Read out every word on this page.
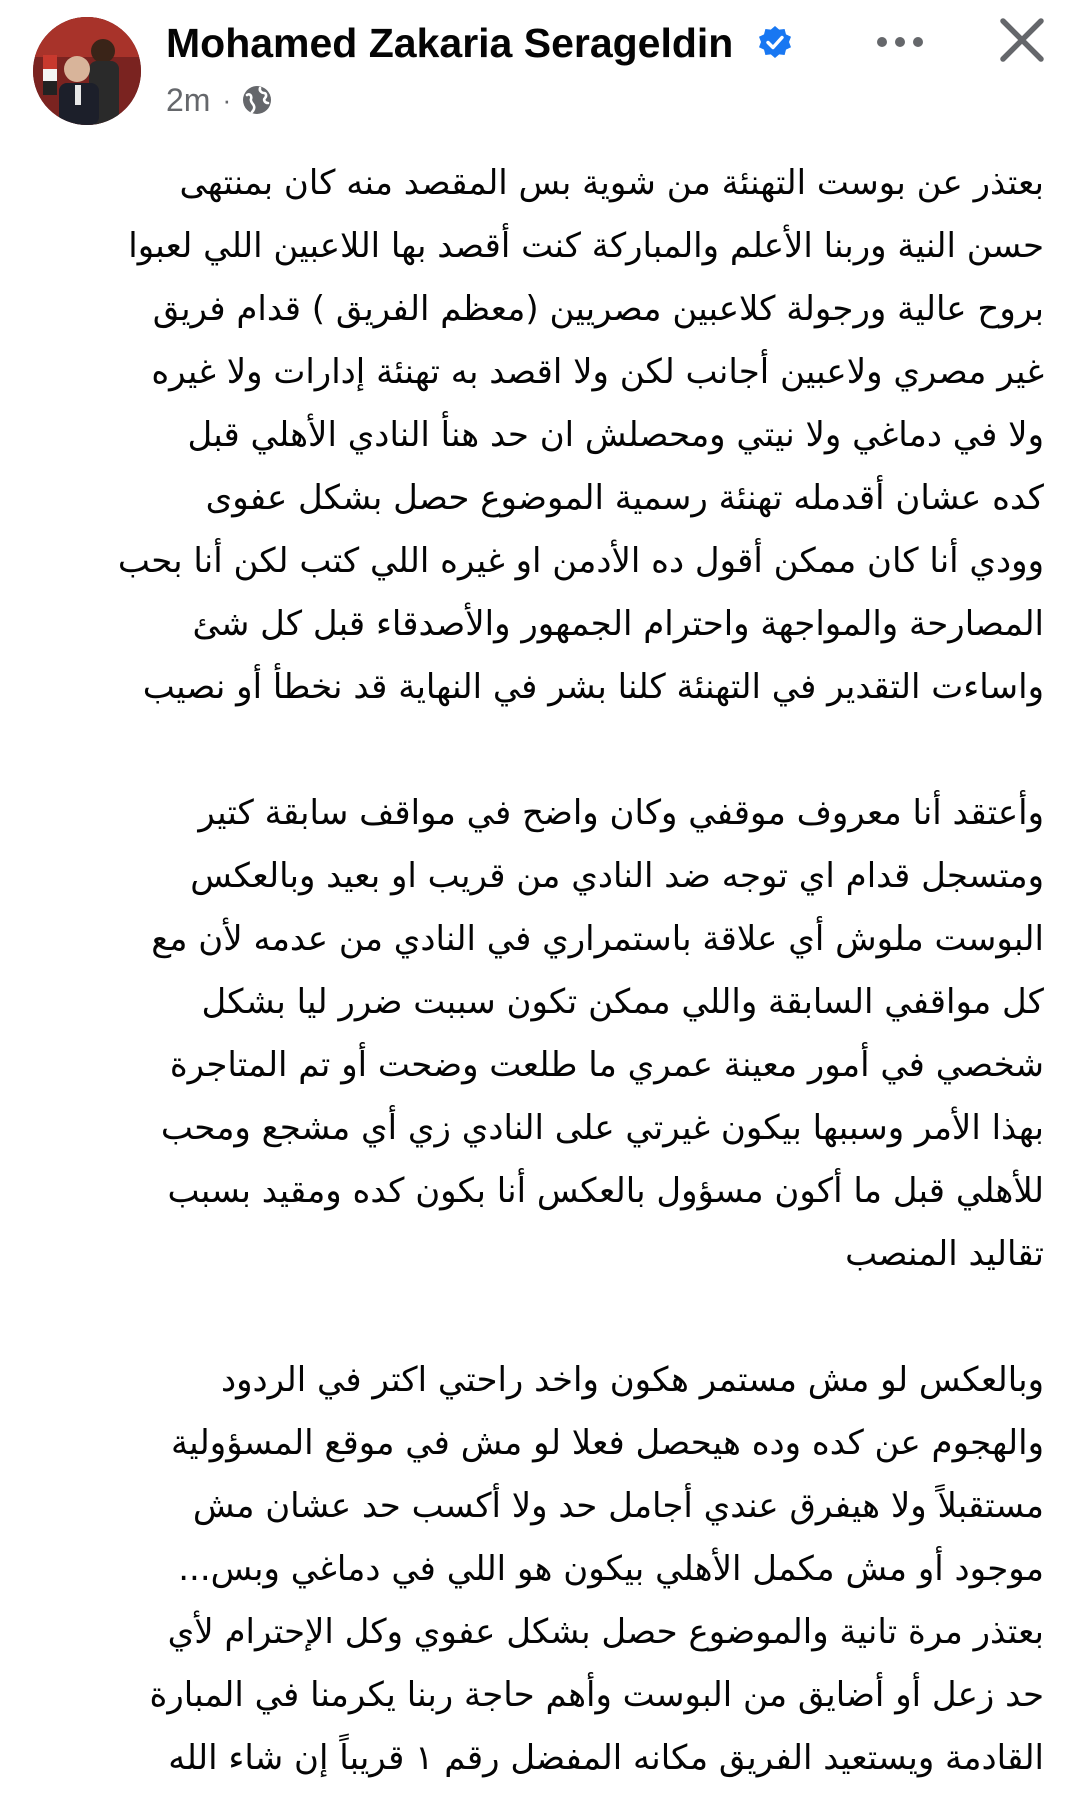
Mohamed Zakaria Serageldin
2m ·

بعتذر عن بوست التهنئة من شوية بس المقصد منه كان بمنتهى
حسن النية وربنا الأعلم والمباركة كنت أقصد بها اللاعبين اللي لعبوا
بروح عالية ورجولة كلاعبين مصريين (معظم الفريق ) قدام فريق
غير مصري ولاعبين أجانب لكن ولا اقصد به تهنئة إدارات ولا غيره
ولا في دماغي ولا نيتي ومحصلش ان حد هنأ النادي الأهلي قبل
كده عشان أقدمله تهنئة رسمية الموضوع حصل بشكل عفوى
وودي أنا كان ممكن أقول ده الأدمن او غيره اللي كتب لكن أنا بحب
المصارحة والمواجهة واحترام الجمهور والأصدقاء قبل كل شئ
واساءت التقدير في التهنئة كلنا بشر في النهاية قد نخطأ أو نصيب

وأعتقد أنا معروف موقفي وكان واضح في مواقف سابقة كتير
ومتسجل قدام اي توجه ضد النادي من قريب او بعيد وبالعكس
البوست ملوش أي علاقة باستمراري في النادي من عدمه لأن مع
كل مواقفي السابقة واللي ممكن تكون سببت ضرر ليا بشكل
شخصي في أمور معينة عمري ما طلعت وضحت أو تم المتاجرة
بهذا الأمر وسببها بيكون غيرتي على النادي زي أي مشجع ومحب
للأهلي قبل ما أكون مسؤول بالعكس أنا بكون كده ومقيد بسبب
تقاليد المنصب

وبالعكس لو مش مستمر هكون واخد راحتي اكتر في الردود
والهجوم عن كده وده هيحصل فعلا لو مش في موقع المسؤولية
مستقبلاً ولا هيفرق عندي أجامل حد ولا أكسب حد عشان مش
موجود أو مش مكمل الأهلي بيكون هو اللي في دماغي وبس...
بعتذر مرة تانية والموضوع حصل بشكل عفوي وكل الإحترام لأي
حد زعل أو أضايق من البوست وأهم حاجة ربنا يكرمنا في المبارة
القادمة ويستعيد الفريق مكانه المفضل رقم ١ قريباً إن شاء الله
